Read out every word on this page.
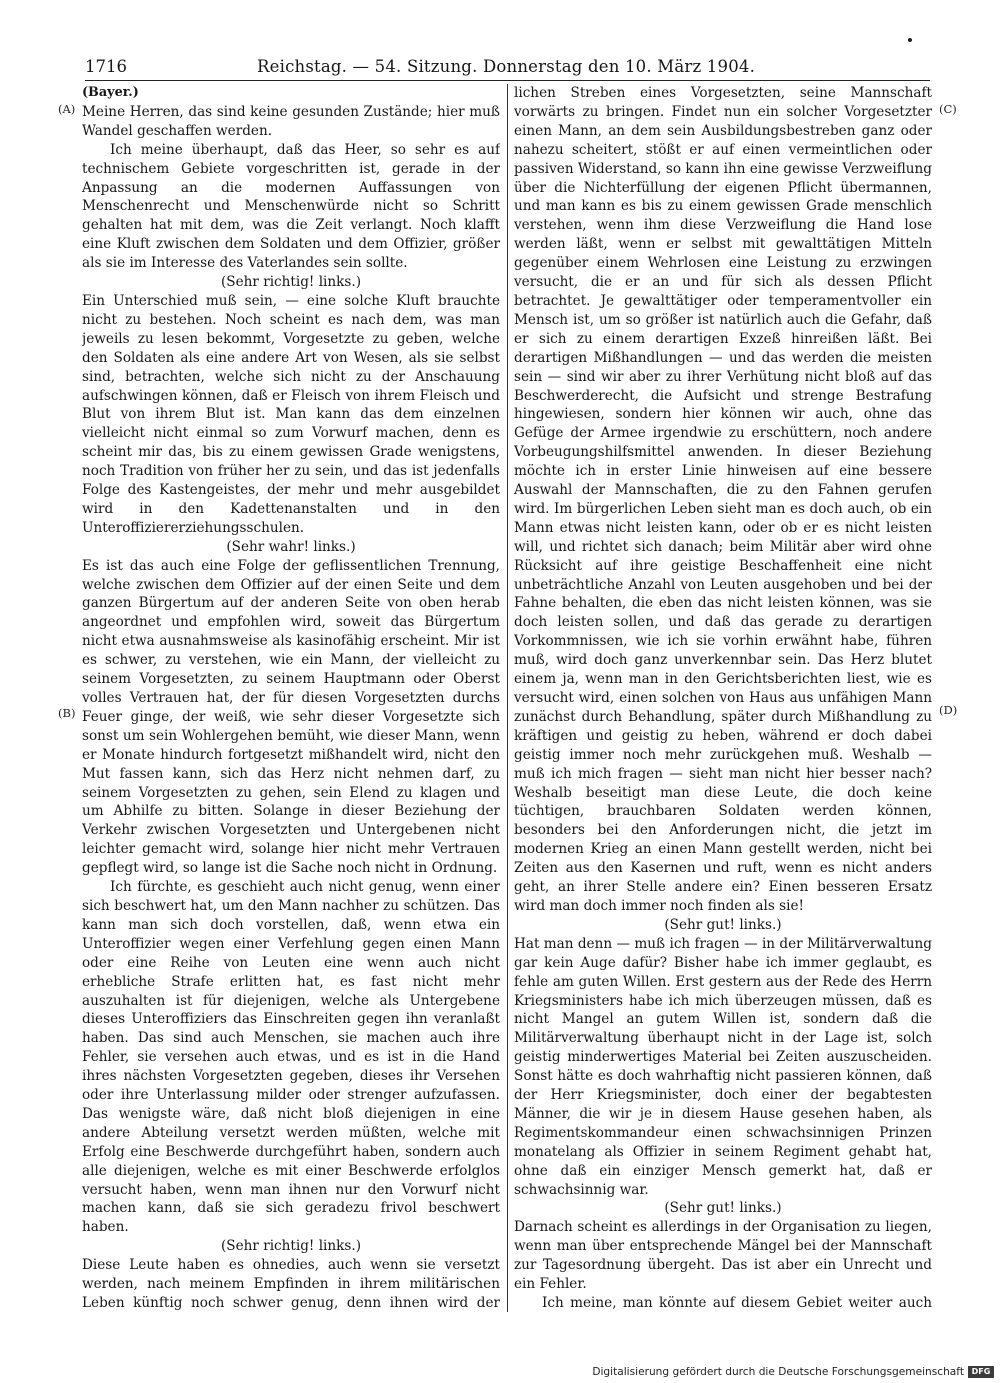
1716	Reichstag. — 54. Sitzung. Donnerstag den 10. März 1904.
(A)
(B)
(C)
(D)

(Bayer.)

Meine Herren, das sind keine gesunden Zustände; hier muß Wandel geschaffen werden.

Ich meine überhaupt, daß das Heer, so sehr es auf technischem Gebiete vorgeschritten ist, gerade in der Anpassung an die modernen Auffassungen von Menschenrecht und Menschenwürde nicht so Schritt gehalten hat mit dem, was die Zeit verlangt. Noch klafft eine Kluft zwischen dem Soldaten und dem Offizier, größer als sie im Interesse des Vaterlandes sein sollte.

(Sehr richtig! links.)

Ein Unterschied muß sein, — eine solche Kluft brauchte nicht zu bestehen. Noch scheint es nach dem, was man jeweils zu lesen bekommt, Vorgesetzte zu geben, welche den Soldaten als eine andere Art von Wesen, als sie selbst sind, betrachten, welche sich nicht zu der Anschauung aufschwingen können, daß er Fleisch von ihrem Fleisch und Blut von ihrem Blut ist. Man kann das dem einzelnen vielleicht nicht einmal so zum Vorwurf machen, denn es scheint mir das, bis zu einem gewissen Grade wenigstens, noch Tradition von früher her zu sein, und das ist jedenfalls Folge des Kastengeistes, der mehr und mehr ausgebildet wird in den Kadettenanstalten und in den Unteroffiziererziehungsschulen.

(Sehr wahr! links.)

Es ist das auch eine Folge der geflissentlichen Trennung, welche zwischen dem Offizier auf der einen Seite und dem ganzen Bürgertum auf der anderen Seite von oben herab angeordnet und empfohlen wird, soweit das Bürgertum nicht etwa ausnahmsweise als kasinofähig erscheint. Mir ist es schwer, zu verstehen, wie ein Mann, der vielleicht zu seinem Vorgesetzten, zu seinem Hauptmann oder Oberst volles Vertrauen hat, der für diesen Vorgesetzten durchs Feuer ginge, der weiß, wie sehr dieser Vorgesetzte sich sonst um sein Wohlergehen bemüht, wie dieser Mann, wenn er Monate hindurch fortgesetzt mißhandelt wird, nicht den Mut fassen kann, sich das Herz nicht nehmen darf, zu seinem Vorgesetzten zu gehen, sein Elend zu klagen und um Abhilfe zu bitten. Solange in dieser Beziehung der Verkehr zwischen Vorgesetzten und Untergebenen nicht leichter gemacht wird, solange hier nicht mehr Vertrauen gepflegt wird, so lange ist die Sache noch nicht in Ordnung.

Ich fürchte, es geschieht auch nicht genug, wenn einer sich beschwert hat, um den Mann nachher zu schützen. Das kann man sich doch vorstellen, daß, wenn etwa ein Unteroffizier wegen einer Verfehlung gegen einen Mann oder eine Reihe von Leuten eine wenn auch nicht erhebliche Strafe erlitten hat, es fast nicht mehr auszuhalten ist für diejenigen, welche als Untergebene dieses Unteroffiziers das Einschreiten gegen ihn veranlaßt haben. Das sind auch Menschen, sie machen auch ihre Fehler, sie versehen auch etwas, und es ist in die Hand ihres nächsten Vorgesetzten gegeben, dieses ihr Versehen oder ihre Unterlassung milder oder strenger aufzufassen. Das wenigste wäre, daß nicht bloß diejenigen in eine andere Abteilung versetzt werden müßten, welche mit Erfolg eine Beschwerde durchgeführt haben, sondern auch alle diejenigen, welche es mit einer Beschwerde erfolglos versucht haben, wenn man ihnen nur den Vorwurf nicht machen kann, daß sie sich geradezu frivol beschwert haben.

(Sehr richtig! links.)

Diese Leute haben es ohnedies, auch wenn sie versetzt werden, nach meinem Empfinden in ihrem militärischen Leben künftig noch schwer genug, denn ihnen wird der

lichen Streben eines Vorgesetzten, seine Mannschaft vorwärts zu bringen. Findet nun ein solcher Vorgesetzter einen Mann, an dem sein Ausbildungsbestreben ganz oder nahezu scheitert, stößt er auf einen vermeintlichen oder passiven Widerstand, so kann ihn eine gewisse Verzweiflung über die Nichterfüllung der eigenen Pflicht übermannen, und man kann es bis zu einem gewissen Grade menschlich verstehen, wenn ihm diese Verzweiflung die Hand lose werden läßt, wenn er selbst mit gewalttätigen Mitteln gegenüber einem Wehrlosen eine Leistung zu erzwingen versucht, die er an und für sich als dessen Pflicht betrachtet. Je gewalttätiger oder temperamentvoller ein Mensch ist, um so größer ist natürlich auch die Gefahr, daß er sich zu einem derartigen Exzeß hinreißen läßt. Bei derartigen Mißhandlungen — und das werden die meisten sein — sind wir aber zu ihrer Verhütung nicht bloß auf das Beschwerderecht, die Aufsicht und strenge Bestrafung hingewiesen, sondern hier können wir auch, ohne das Gefüge der Armee irgendwie zu erschüttern, noch andere Vorbeugungshilfsmittel anwenden. In dieser Beziehung möchte ich in erster Linie hinweisen auf eine bessere Auswahl der Mannschaften, die zu den Fahnen gerufen wird. Im bürgerlichen Leben sieht man es doch auch, ob ein Mann etwas nicht leisten kann, oder ob er es nicht leisten will, und richtet sich danach; beim Militär aber wird ohne Rücksicht auf ihre geistige Beschaffenheit eine nicht unbeträchtliche Anzahl von Leuten ausgehoben und bei der Fahne behalten, die eben das nicht leisten können, was sie doch leisten sollen, und daß das gerade zu derartigen Vorkommnissen, wie ich sie vorhin erwähnt habe, führen muß, wird doch ganz unverkennbar sein. Das Herz blutet einem ja, wenn man in den Gerichtsberichten liest, wie es versucht wird, einen solchen von Haus aus unfähigen Mann zunächst durch Behandlung, später durch Mißhandlung zu kräftigen und geistig zu heben, während er doch dabei geistig immer noch mehr zurückgehen muß. Weshalb — muß ich mich fragen — sieht man nicht hier besser nach? Weshalb beseitigt man diese Leute, die doch keine tüchtigen, brauchbaren Soldaten werden können, besonders bei den Anforderungen nicht, die jetzt im modernen Krieg an einen Mann gestellt werden, nicht bei Zeiten aus den Kasernen und ruft, wenn es nicht anders geht, an ihrer Stelle andere ein? Einen besseren Ersatz wird man doch immer noch finden als sie!

(Sehr gut! links.)

Hat man denn — muß ich fragen — in der Militärverwaltung gar kein Auge dafür? Bisher habe ich immer geglaubt, es fehle am guten Willen. Erst gestern aus der Rede des Herrn Kriegsministers habe ich mich überzeugen müssen, daß es nicht Mangel an gutem Willen ist, sondern daß die Militärverwaltung überhaupt nicht in der Lage ist, solch geistig minderwertiges Material bei Zeiten auszuscheiden. Sonst hätte es doch wahrhaftig nicht passieren können, daß der Herr Kriegsminister, doch einer der begabtesten Männer, die wir je in diesem Hause gesehen haben, als Regimentskommandeur einen schwachsinnigen Prinzen monatelang als Offizier in seinem Regiment gehabt hat, ohne daß ein einziger Mensch gemerkt hat, daß er schwachsinnig war.

(Sehr gut! links.)

Darnach scheint es allerdings in der Organisation zu liegen, wenn man über entsprechende Mängel bei der Mannschaft zur Tagesordnung übergeht. Das ist aber ein Unrecht und ein Fehler.

Ich meine, man könnte auf diesem Gebiet weiter auch

Digitalisierung gefördert durch die Deutsche Forschungsgemeinschaft DFG
